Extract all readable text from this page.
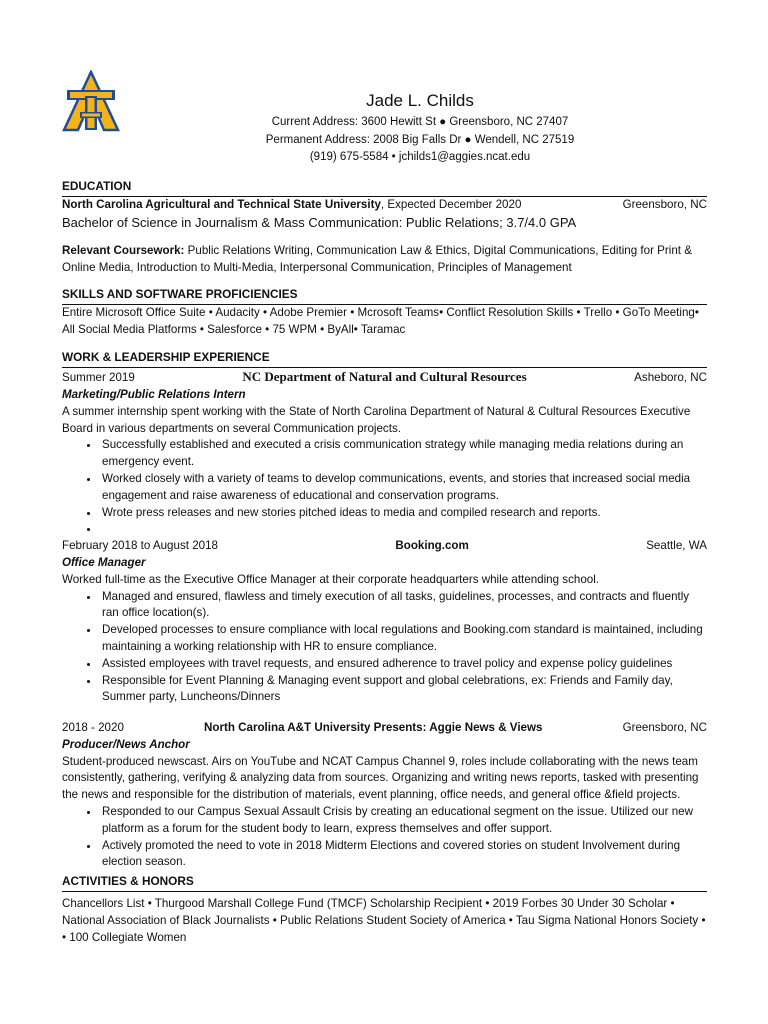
Jade L. Childs
Current Address: 3600 Hewitt St ● Greensboro, NC 27407
Permanent Address: 2008 Big Falls Dr ● Wendell, NC 27519
(919) 675-5584 • jchilds1@aggies.ncat.edu
EDUCATION
North Carolina Agricultural and Technical State University, Expected December 2020	Greensboro, NC
Bachelor of Science in Journalism & Mass Communication: Public Relations; 3.7/4.0 GPA
Relevant Coursework: Public Relations Writing, Communication Law & Ethics, Digital Communications, Editing for Print & Online Media, Introduction to Multi-Media, Interpersonal Communication, Principles of Management
SKILLS AND SOFTWARE PROFICIENCIES
Entire Microsoft Office Suite • Audacity • Adobe Premier • Mcrosoft Teams• Conflict Resolution Skills • Trello • GoTo Meeting•
All Social Media Platforms • Salesforce • 75 WPM • ByAll• Taramac
WORK & LEADERSHIP EXPERIENCE
Summer 2019	NC Department of Natural and Cultural Resources	Asheboro, NC
Marketing/Public Relations Intern
A summer internship spent working with the State of North Carolina Department of Natural & Cultural Resources Executive Board in various departments on several Communication projects.
• Successfully established and executed a crisis communication strategy while managing media relations during an emergency event.
• Worked closely with a variety of teams to develop communications, events, and stories that increased social media engagement and raise awareness of educational and conservation programs.
• Wrote press releases and new stories pitched ideas to media and compiled research and reports.
•
February 2018 to August 2018	Booking.com	Seattle, WA
Office Manager
Worked full-time as the Executive Office Manager at their corporate headquarters while attending school.
• Managed and ensured, flawless and timely execution of all tasks, guidelines, processes, and contracts and fluently ran office location(s).
• Developed processes to ensure compliance with local regulations and Booking.com standard is maintained, including maintaining a working relationship with HR to ensure compliance.
• Assisted employees with travel requests, and ensured adherence to travel policy and expense policy guidelines
• Responsible for Event Planning & Managing event support and global celebrations, ex: Friends and Family day, Summer party, Luncheons/Dinners
2018 - 2020	North Carolina A&T University Presents: Aggie News & Views	Greensboro, NC
Producer/News Anchor
Student-produced newscast. Airs on YouTube and NCAT Campus Channel 9, roles include collaborating with the news team consistently, gathering, verifying & analyzing data from sources. Organizing and writing news reports, tasked with presenting the news and responsible for the distribution of materials, event planning, office needs, and general office &field projects.
• Responded to our Campus Sexual Assault Crisis by creating an educational segment on the issue. Utilized our new platform as a forum for the student body to learn, express themselves and offer support.
• Actively promoted the need to vote in 2018 Midterm Elections and covered stories on student Involvement during election season.
ACTIVITIES & HONORS
Chancellors List • Thurgood Marshall College Fund (TMCF) Scholarship Recipient • 2019 Forbes 30 Under 30 Scholar • National Association of Black Journalists • Public Relations Student Society of America • Tau Sigma National Honors Society • • 100 Collegiate Women
